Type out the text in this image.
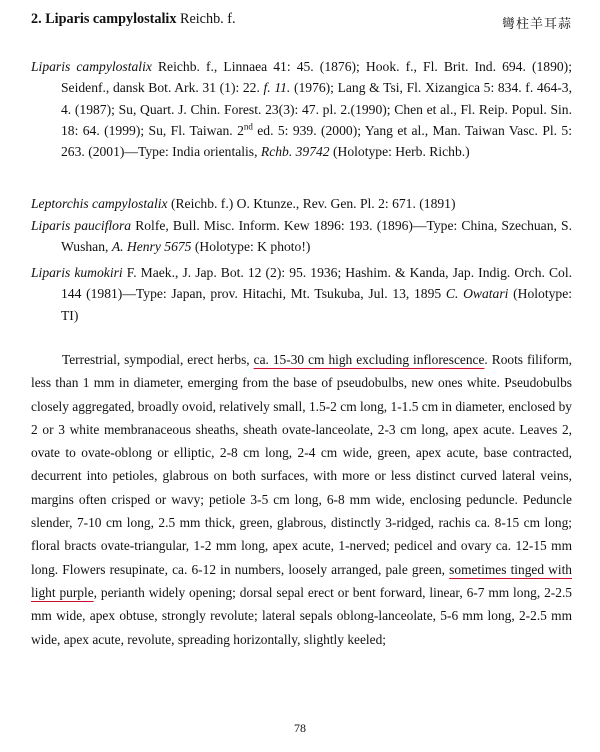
2. Liparis campylostalix Reichb. f.	彎柱羊耳蒜
Liparis campylostalix Reichb. f., Linnaea 41: 45. (1876); Hook. f., Fl. Brit. Ind. 694. (1890); Seidenf., dansk Bot. Ark. 31 (1): 22. f. 11. (1976); Lang & Tsi, Fl. Xizangica 5: 834. f. 464-3, 4. (1987); Su, Quart. J. Chin. Forest. 23(3): 47. pl. 2.(1990); Chen et al., Fl. Reip. Popul. Sin. 18: 64. (1999); Su, Fl. Taiwan. 2nd ed. 5: 939. (2000); Yang et al., Man. Taiwan Vasc. Pl. 5: 263. (2001)—Type: India orientalis, Rchb. 39742 (Holotype: Herb. Richb.)
Leptorchis campylostalix (Reichb. f.) O. Ktunze., Rev. Gen. Pl. 2: 671. (1891)
Liparis pauciflora Rolfe, Bull. Misc. Inform. Kew 1896: 193. (1896)—Type: China, Szechuan, S. Wushan, A. Henry 5675 (Holotype: K photo!)
Liparis kumokiri F. Maek., J. Jap. Bot. 12 (2): 95. 1936; Hashim. & Kanda, Jap. Indig. Orch. Col. 144 (1981)—Type: Japan, prov. Hitachi, Mt. Tsukuba, Jul. 13, 1895 C. Owatari (Holotype: TI)
Terrestrial, sympodial, erect herbs, ca. 15-30 cm high excluding inflorescence. Roots filiform, less than 1 mm in diameter, emerging from the base of pseudobulbs, new ones white. Pseudobulbs closely aggregated, broadly ovoid, relatively small, 1.5-2 cm long, 1-1.5 cm in diameter, enclosed by 2 or 3 white membranaceous sheaths, sheath ovate-lanceolate, 2-3 cm long, apex acute. Leaves 2, ovate to ovate-oblong or elliptic, 2-8 cm long, 2-4 cm wide, green, apex acute, base contracted, decurrent into petioles, glabrous on both surfaces, with more or less distinct curved lateral veins, margins often crisped or wavy; petiole 3-5 cm long, 6-8 mm wide, enclosing peduncle. Peduncle slender, 7-10 cm long, 2.5 mm thick, green, glabrous, distinctly 3-ridged, rachis ca. 8-15 cm long; floral bracts ovate-triangular, 1-2 mm long, apex acute, 1-nerved; pedicel and ovary ca. 12-15 mm long. Flowers resupinate, ca. 6-12 in numbers, loosely arranged, pale green, sometimes tinged with light purple, perianth widely opening; dorsal sepal erect or bent forward, linear, 6-7 mm long, 2-2.5 mm wide, apex obtuse, strongly revolute; lateral sepals oblong-lanceolate, 5-6 mm long, 2-2.5 mm wide, apex acute, revolute, spreading horizontally, slightly keeled;
78
